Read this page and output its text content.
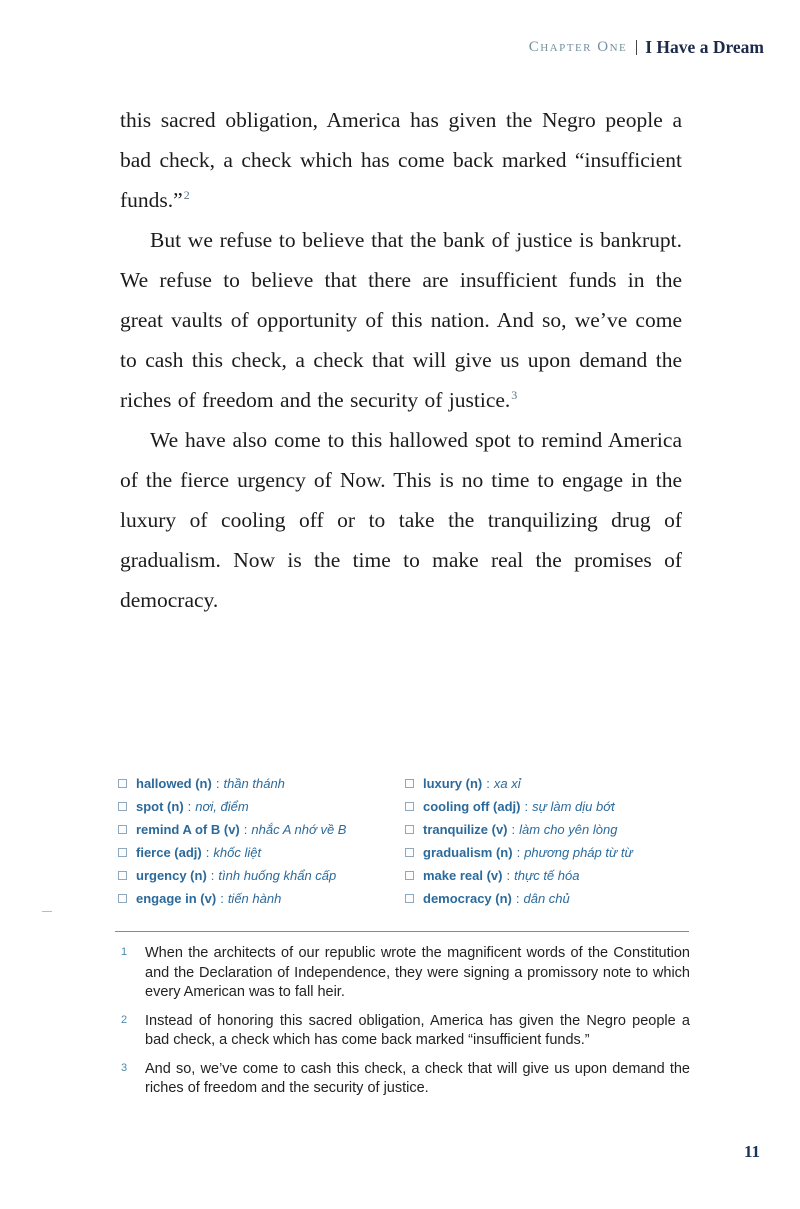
Chapter One I Have a Dream

this sacred obligation, America has given the Negro people a bad check, a check which has come back marked “insufficient funds.”$^2$

But we refuse to believe that the bank of justice is bankrupt. We refuse to believe that there are insufficient funds in the great vaults of opportunity of this nation. And so, we’ve come to cash this check, a check that will give us upon demand the riches of freedom and the security of justice.$^3$

We have also come to this hallowed spot to remind America of the fierce urgency of Now. This is no time to engage in the luxury of cooling off or to take the tranquilizing drug of gradualism. Now is the time to make real the promises of democracy.

hallowed (n) : thần thánh
spot (n) : nơi, điểm
remind A of B (v) : nhắc A nhớ về B
fierce (adj) : khốc liệt
urgency (n) : tình huống khẩn cấp
engage in (v) : tiến hành
luxury (n) : xa xỉ
cooling off (adj) : sự làm dịu bớt
tranquilize (v) : làm cho yên lòng
gradualism (n) : phương pháp từ từ
make real (v) : thực tế hóa
democracy (n) : dân chủ
1	When the architects of our republic wrote the magnificent words of the Constitution and the Declaration of Independence, they were signing a promissory note to which every American was to fall heir.

2	Instead of honoring this sacred obligation, America has given the Negro people a bad check, a check which has come back marked “insufficient funds.”

3	And so, we’ve come to cash this check, a check that will give us upon demand the riches of freedom and the security of justice.

11
